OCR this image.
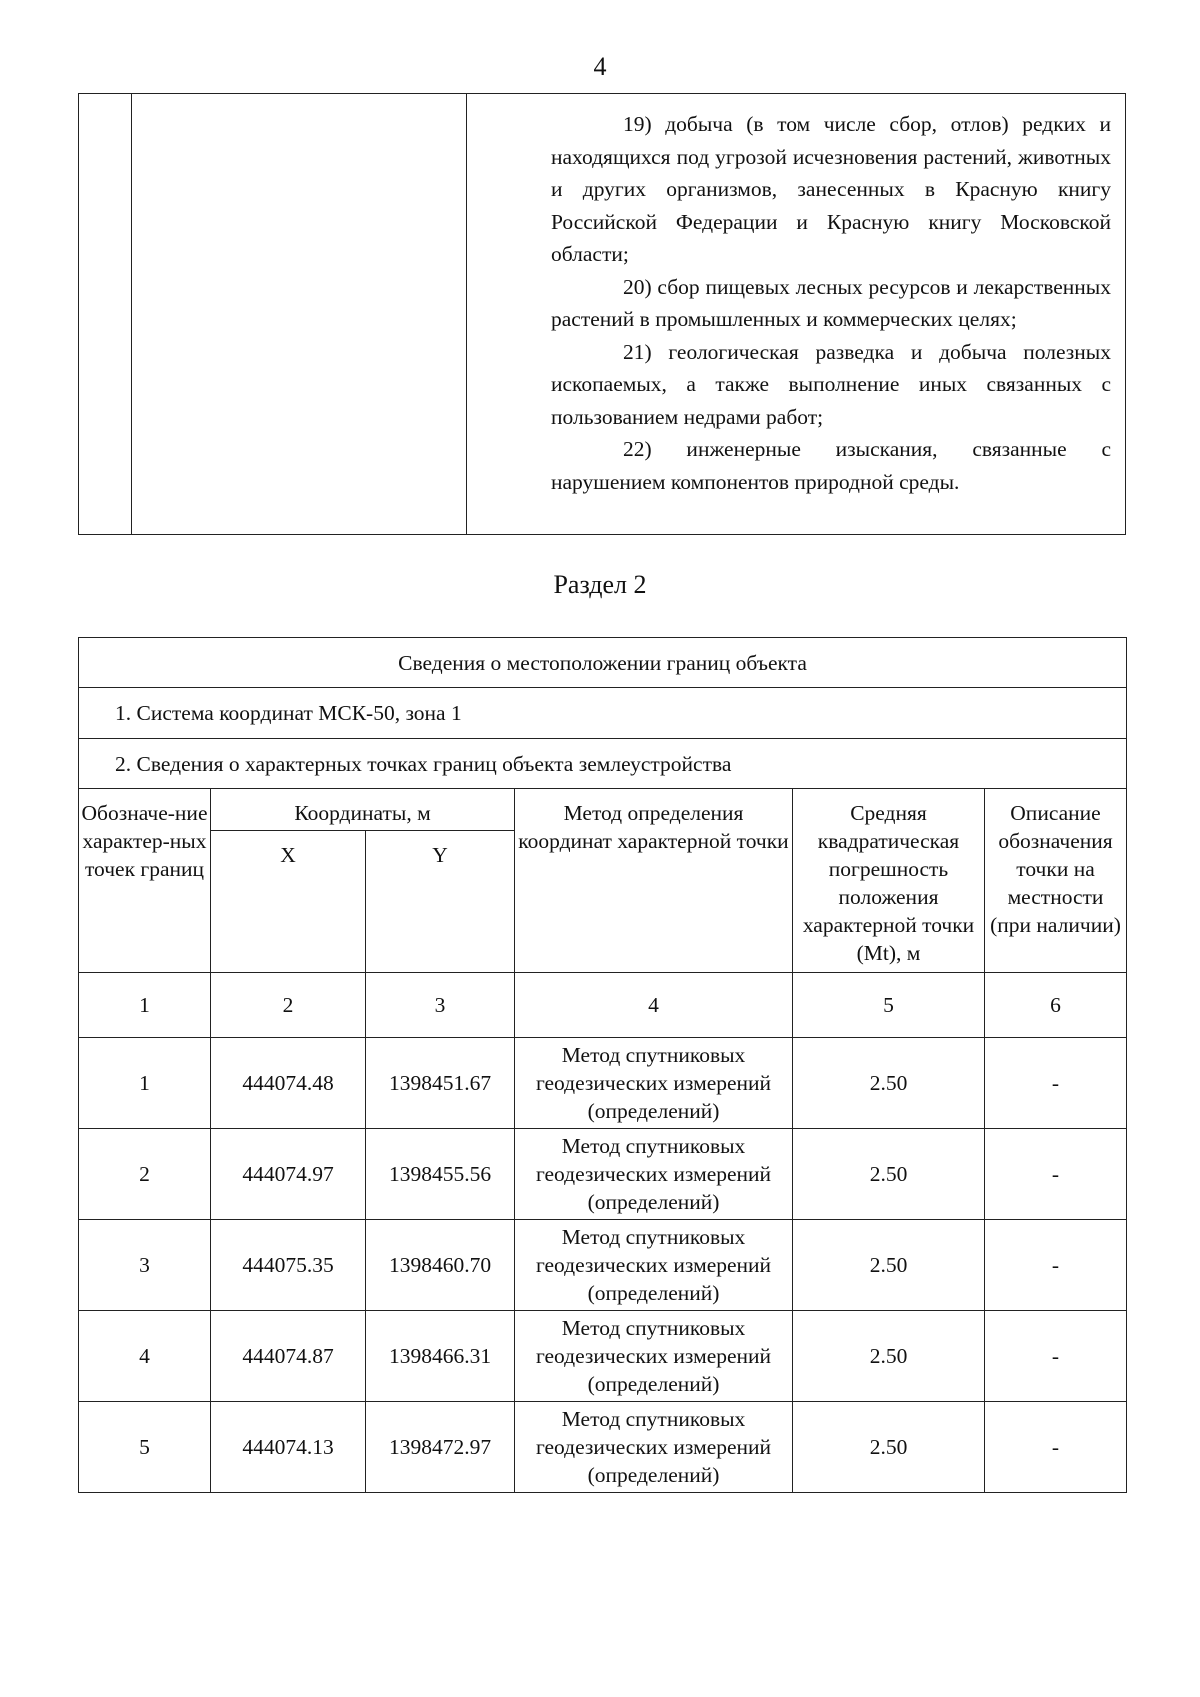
4

19) добыча (в том числе сбор, отлов) редких и находящихся под угрозой исчезновения растений, животных и других организмов, занесенных в Красную книгу Российской Федерации и Красную книгу Московской области;

20) сбор пищевых лесных ресурсов и лекарственных растений в промышленных и коммерческих целях;

21) геологическая разведка и добыча полезных ископаемых, а также выполнение иных связанных с пользованием недрами работ;

22) инженерные изыскания, связанные с нарушением компонентов природной среды.

Раздел 2
Сведения о местоположении границ объекта					
1. Система координат МСК-50, зона 1					
2. Сведения о характерных точках границ объекта землеустройства					
Обозначе-ние характер-ных точек границ	Координаты, м		Метод определения координат характерной точки	Средняя квадратическая погрешность положения характерной точки (Mt), м	Описание обозначения точки на местности (при наличии)
	X	Y			
1	2	3	4	5	6
1	444074.48	1398451.67	Метод спутниковых геодезических измерений (определений)	2.50	-
2	444074.97	1398455.56	Метод спутниковых геодезических измерений (определений)	2.50	-
3	444075.35	1398460.70	Метод спутниковых геодезических измерений (определений)	2.50	-
4	444074.87	1398466.31	Метод спутниковых геодезических измерений (определений)	2.50	-
5	444074.13	1398472.97	Метод спутниковых геодезических измерений (определений)	2.50	-
